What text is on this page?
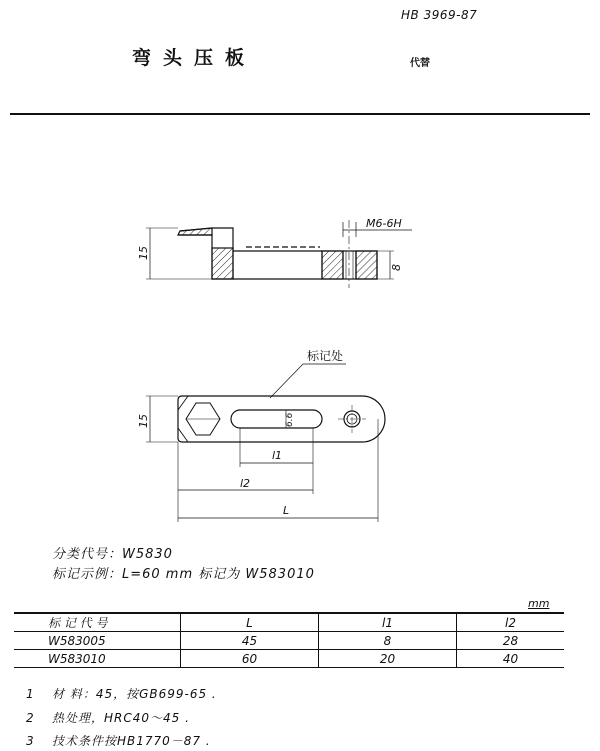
HB 3969-87
弯头压板	代替
15
M6-6H
8
标记处
15	6.6
l1
l2
L
分类代号：W5830
标记示例：L=60 mm 标记为 W583010
mm
标 记 代 号	L	l1	l2
W583005	45	8	28
W583010	60	20	40
1 材 料：45，按GB699-65 .
2 热处理，HRC40～45 .
3 技术条件按HB1770－87 .
